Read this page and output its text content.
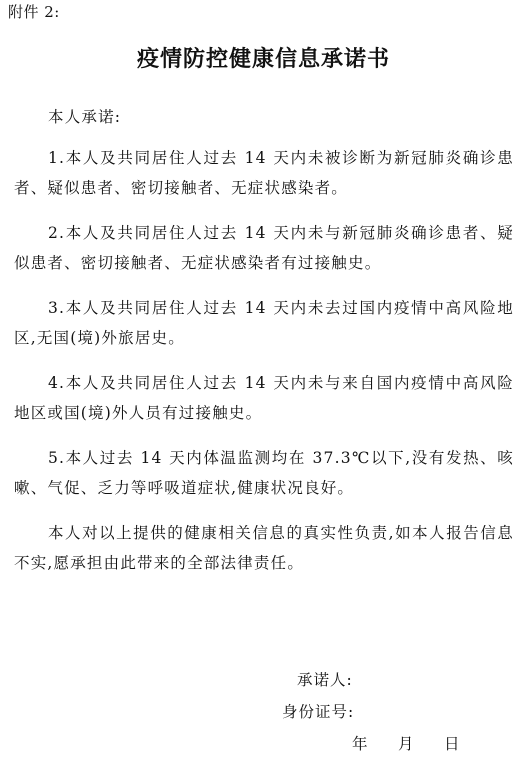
附件 2:
疫情防控健康信息承诺书

本人承诺:

1.本人及共同居住人过去 14 天内未被诊断为新冠肺炎确诊患者、疑似患者、密切接触者、无症状感染者。

2.本人及共同居住人过去 14 天内未与新冠肺炎确诊患者、疑似患者、密切接触者、无症状感染者有过接触史。

3.本人及共同居住人过去 14 天内未去过国内疫情中高风险地区,无国(境)外旅居史。

4.本人及共同居住人过去 14 天内未与来自国内疫情中高风险地区或国(境)外人员有过接触史。

5.本人过去 14 天内体温监测均在 37.3℃以下,没有发热、咳嗽、气促、乏力等呼吸道症状,健康状况良好。

本人对以上提供的健康相关信息的真实性负责,如本人报告信息不实,愿承担由此带来的全部法律责任。

承诺人:
身份证号:
年 月 日
